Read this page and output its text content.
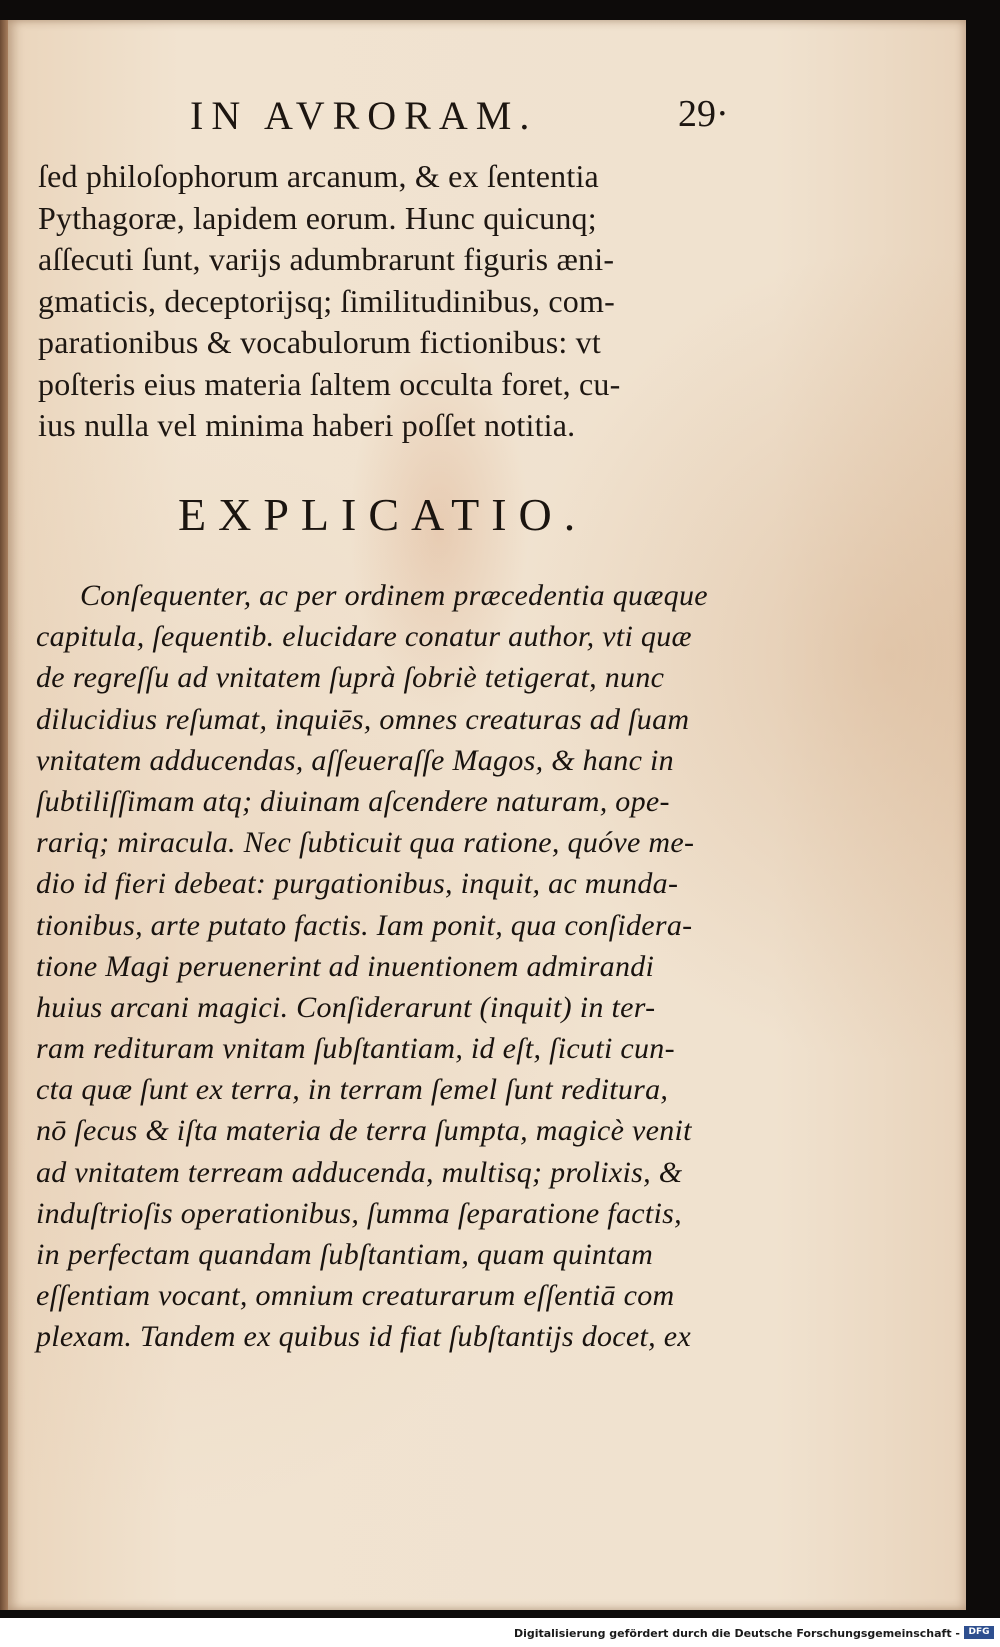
IN AVRORAM.	29·
ſed philoſophorum arcanum, & ex ſententia
Pythagoræ, lapidem eorum. Hunc quicunq;
aſſecuti ſunt, varijs adumbrarunt figuris æni-
gmaticis, deceptorijsq; ſimilitudinibus, com-
parationibus & vocabulorum fictionibus: vt
poſteris eius materia ſaltem occulta foret, cu-
ius nulla vel minima haberi poſſet notitia.
EXPLICATIO.
Conſequenter, ac per ordinem præcedentia quæque
capitula, ſequentib. elucidare conatur author, vti quæ
de regreſſu ad vnitatem ſuprà ſobriè tetigerat, nunc
dilucidius reſumat, inquiēs, omnes creaturas ad ſuam
vnitatem adducendas, aſſeueraſſe Magos, & hanc in
ſubtiliſſimam atq; diuinam aſcendere naturam, ope-
rariq; miracula. Nec ſubticuit qua ratione, quóve me-
dio id fieri debeat: purgationibus, inquit, ac munda-
tionibus, arte putato factis. Iam ponit, qua conſidera-
tione Magi peruenerint ad inuentionem admirandi
huius arcani magici. Conſiderarunt (inquit) in ter-
ram redituram vnitam ſubſtantiam, id eſt, ſicuti cun-
cta quæ ſunt ex terra, in terram ſemel ſunt reditura,
nō ſecus & iſta materia de terra ſumpta, magicè venit
ad vnitatem terream adducenda, multisq; prolixis, &
induſtrioſis operationibus, ſumma ſeparatione factis,
in perfectam quandam ſubſtantiam, quam quintam
eſſentiam vocant, omnium creaturarum eſſentiā com
plexam. Tandem ex quibus id fiat ſubſtantijs docet, ex
Digitalisierung gefördert durch die Deutsche Forschungsgemeinschaft - DFG
